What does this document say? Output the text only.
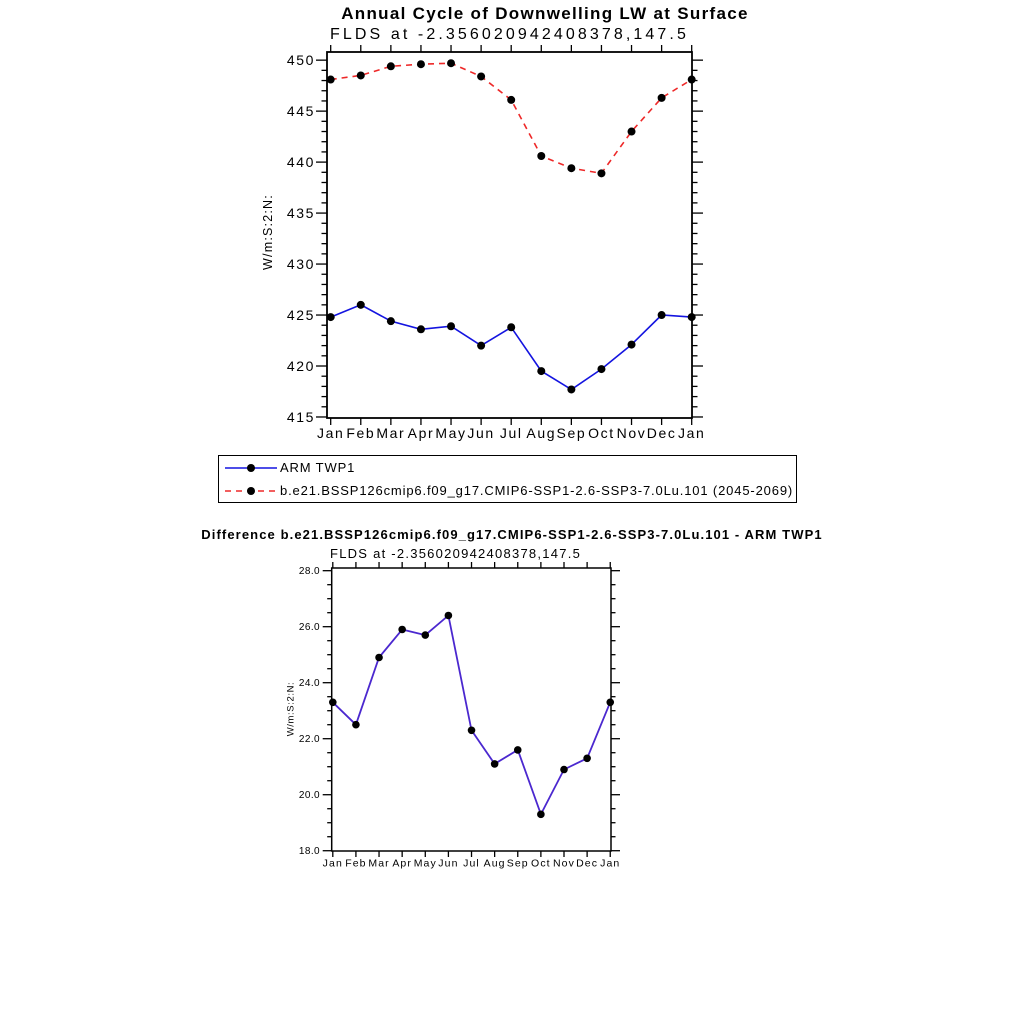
Annual Cycle of Downwelling LW at Surface
FLDS at -2.356020942408378,147.5
W/m:S:2:N:
Difference b.e21.BSSP126cmip6.f09_g17.CMIP6-SSP1-2.6-SSP3-7.0Lu.101 - ARM TWP1
FLDS at -2.356020942408378,147.5
W/m:S:2:N:
415
420
425
430
435
440
445
450
Jan Feb Mar Apr May Jun Jul Aug Sep Oct Nov Dec Jan
18.0
20.0
22.0
24.0
26.0
28.0
Jan Feb Mar Apr May Jun Jul Aug Sep Oct Nov Dec Jan
ARM TWP1
b.e21.BSSP126cmip6.f09_g17.CMIP6-SSP1-2.6-SSP3-7.0Lu.101 (2045-2069)
